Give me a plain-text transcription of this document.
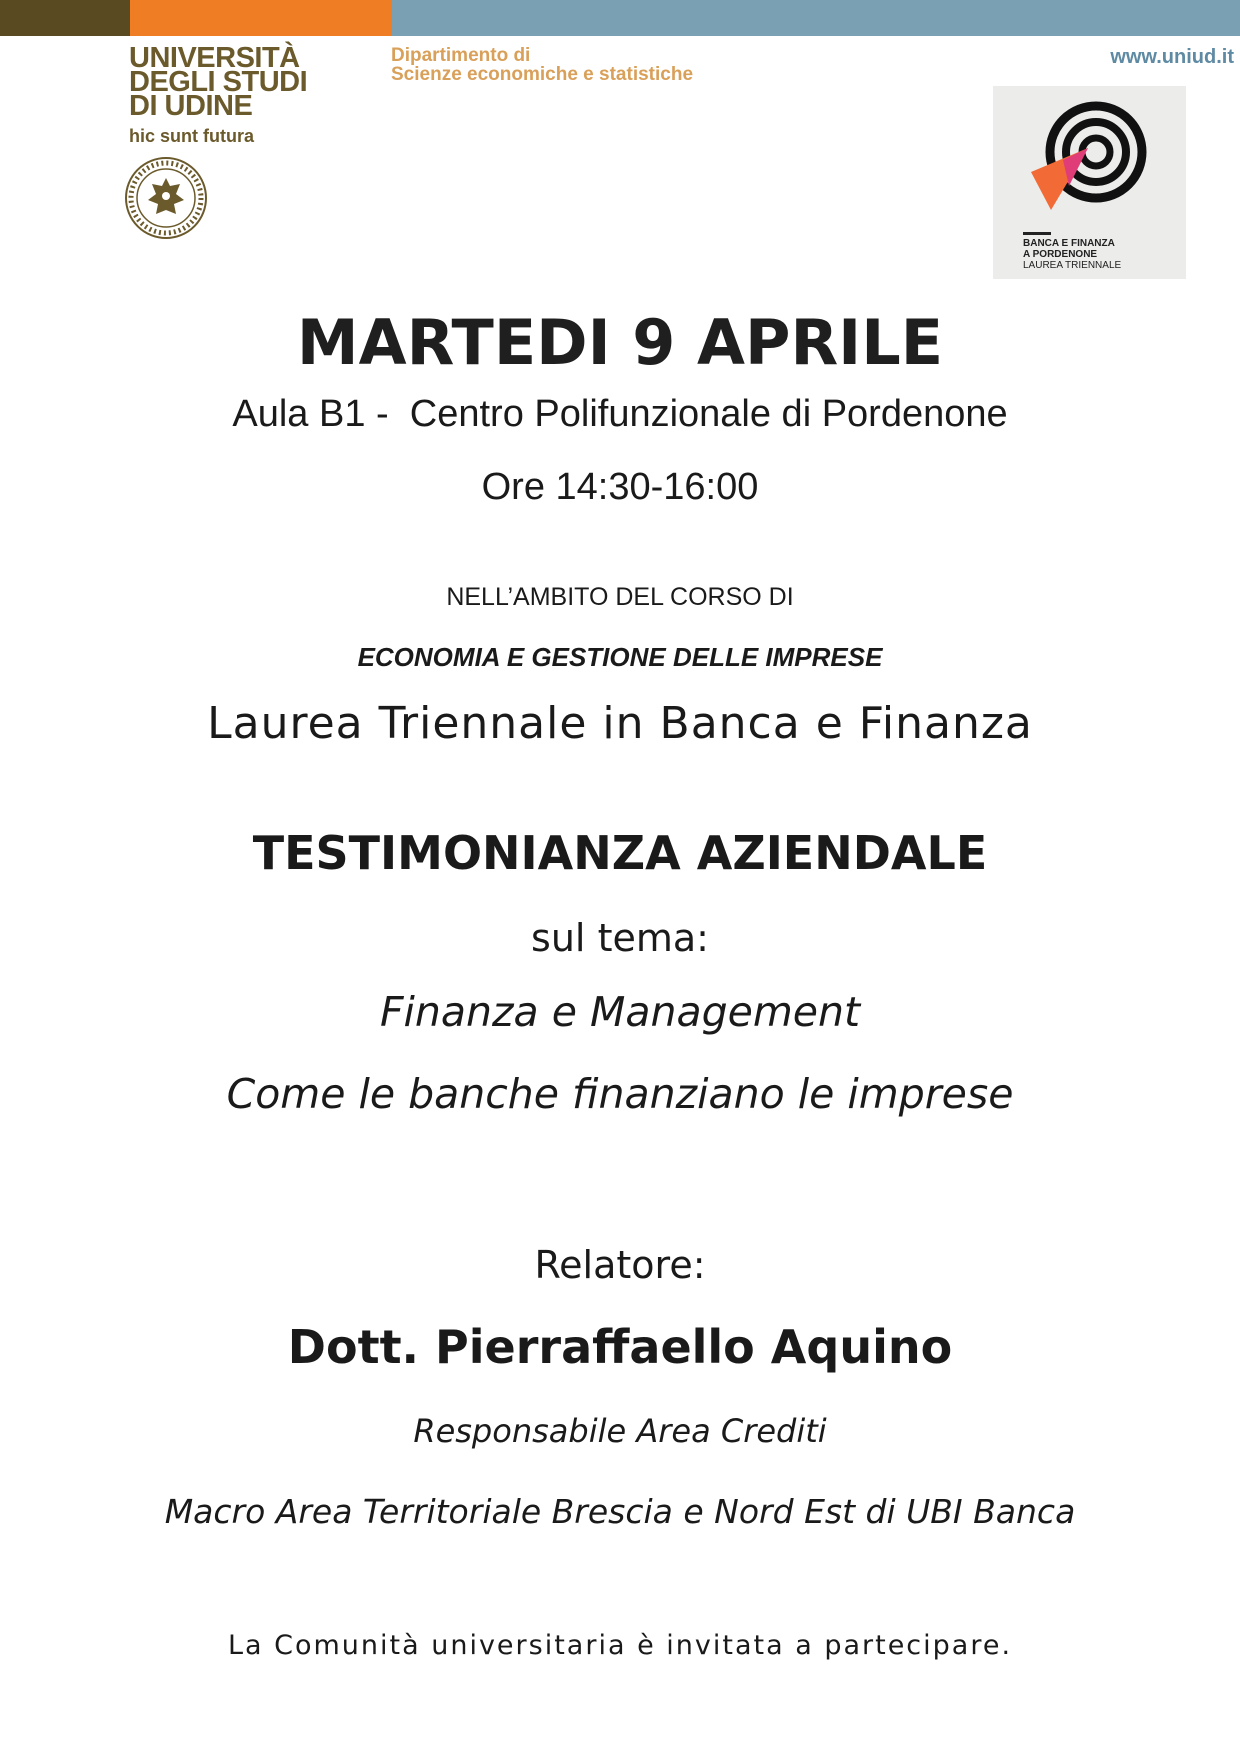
UNIVERSITÀ
DEGLI STUDI
DI UDINE
hic sunt futura
Dipartimento di
Scienze economiche e statistiche
www.uniud.it
BANCA E FINANZA
A PORDENONE
LAUREA TRIENNALE
MARTEDI 9 APRILE
Aula B1 -  Centro Polifunzionale di Pordenone
Ore 14:30-16:00
NELL’AMBITO DEL CORSO DI
ECONOMIA E GESTIONE DELLE IMPRESE
Laurea Triennale in Banca e Finanza
TESTIMONIANZA AZIENDALE
sul tema:
Finanza e Management
Come le banche finanziano le imprese
Relatore:
Dott. Pierraffaello Aquino
Responsabile Area Crediti
Macro Area Territoriale Brescia e Nord Est di UBI Banca
La Comunità universitaria è invitata a partecipare.
